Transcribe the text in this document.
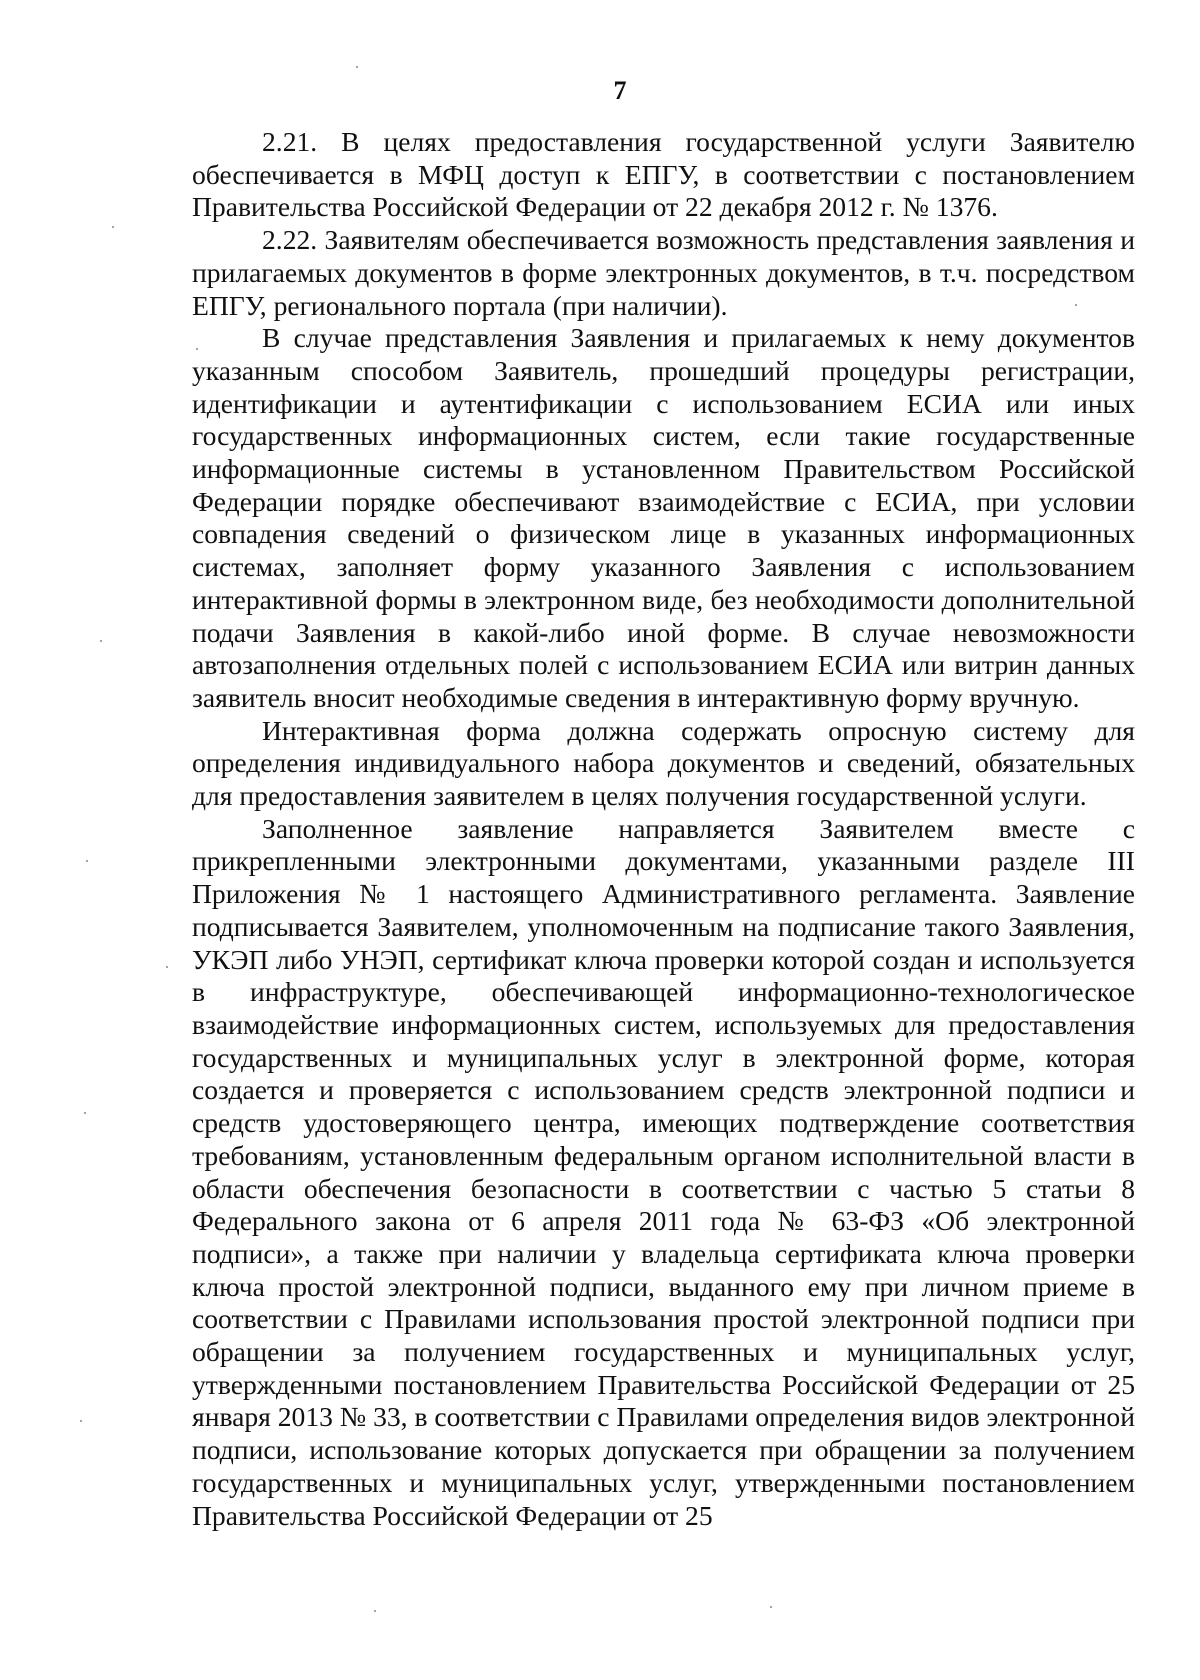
7

2.21. В целях предоставления государственной услуги Заявителю обеспечивается в МФЦ доступ к ЕПГУ, в соответствии с постановлением Правительства Российской Федерации от 22 декабря 2012 г. № 1376.

2.22. Заявителям обеспечивается возможность представления заявления и прилагаемых документов в форме электронных документов, в т.ч. посредством ЕПГУ, регионального портала (при наличии).

В случае представления Заявления и прилагаемых к нему документов указанным способом Заявитель, прошедший процедуры регистрации, идентификации и аутентификации с использованием ЕСИА или иных государственных информационных систем, если такие государственные информационные системы в установленном Правительством Российской Федерации порядке обеспечивают взаимодействие с ЕСИА, при условии совпадения сведений о физическом лице в указанных информационных системах, заполняет форму указанного Заявления с использованием интерактивной формы в электронном виде, без необходимости дополнительной подачи Заявления в какой-либо иной форме. В случае невозможности автозаполнения отдельных полей с использованием ЕСИА или витрин данных заявитель вносит необходимые сведения в интерактивную форму вручную.

Интерактивная форма должна содержать опросную систему для определения индивидуального набора документов и сведений, обязательных для предоставления заявителем в целях получения государственной услуги.

Заполненное заявление направляется Заявителем вместе с прикрепленными электронными документами, указанными разделе III Приложения № 1 настоящего Административного регламента. Заявление подписывается Заявителем, уполномоченным на подписание такого Заявления, УКЭП либо УНЭП, сертификат ключа проверки которой создан и используется в инфраструктуре, обеспечивающей информационно-технологическое взаимодействие информационных систем, используемых для предоставления государственных и муниципальных услуг в электронной форме, которая создается и проверяется с использованием средств электронной подписи и средств удостоверяющего центра, имеющих подтверждение соответствия требованиям, установленным федеральным органом исполнительной власти в области обеспечения безопасности в соответствии с частью 5 статьи 8 Федерального закона от 6 апреля 2011 года № 63-ФЗ «Об электронной подписи», а также при наличии у владельца сертификата ключа проверки ключа простой электронной подписи, выданного ему при личном приеме в соответствии с Правилами использования простой электронной подписи при обращении за получением государственных и муниципальных услуг, утвержденными постановлением Правительства Российской Федерации от 25 января 2013 № 33, в соответствии с Правилами определения видов электронной подписи, использование которых допускается при обращении за получением государственных и муниципальных услуг, утвержденными постановлением Правительства Российской Федерации от 25
